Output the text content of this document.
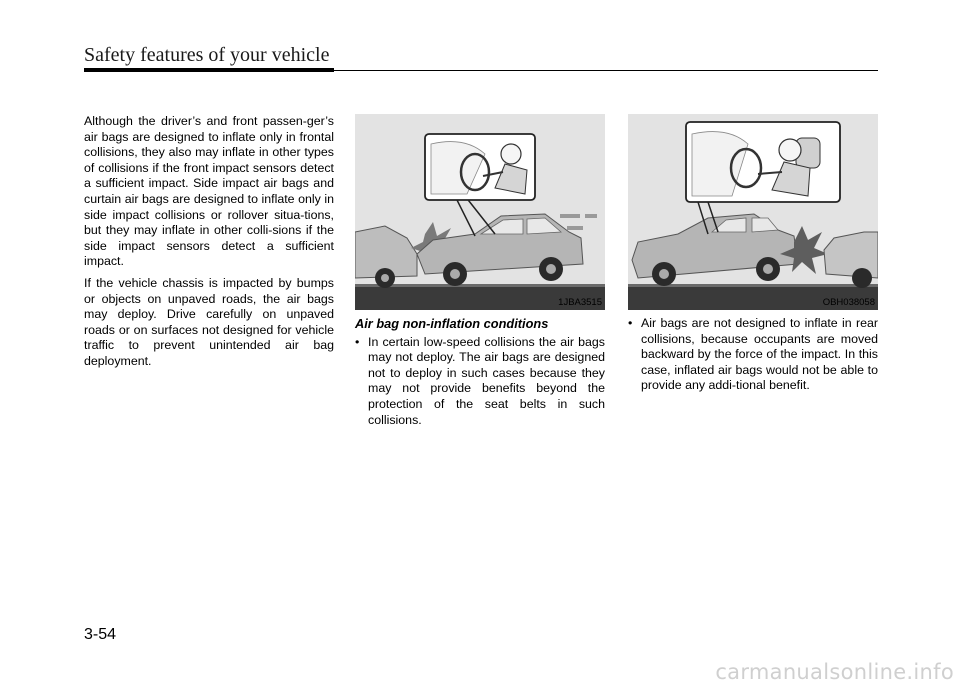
Safety features of your vehicle

Although the driver’s and front passen-ger’s air bags are designed to inflate only in frontal collisions, they also may inflate in other types of collisions if the front impact sensors detect a sufficient impact. Side impact air bags and curtain air bags are designed to inflate only in side impact collisions or rollover situa-tions, but they may inflate in other colli-sions if the side impact sensors detect a sufficient impact.

If the vehicle chassis is impacted by bumps or objects on unpaved roads, the air bags may deploy. Drive carefully on unpaved roads or on surfaces not designed for vehicle traffic to prevent unintended air bag deployment.

1JBA3515	OBH038058
Air bag non-inflation conditions
• In certain low-speed collisions the air bags may not deploy. The air bags are designed not to deploy in such cases because they may not provide benefits beyond the protection of the seat belts in such collisions.
• Air bags are not designed to inflate in rear collisions, because occupants are moved backward by the force of the impact. In this case, inflated air bags would not be able to provide any addi-tional benefit.
3-54
carmanualsonline.info
